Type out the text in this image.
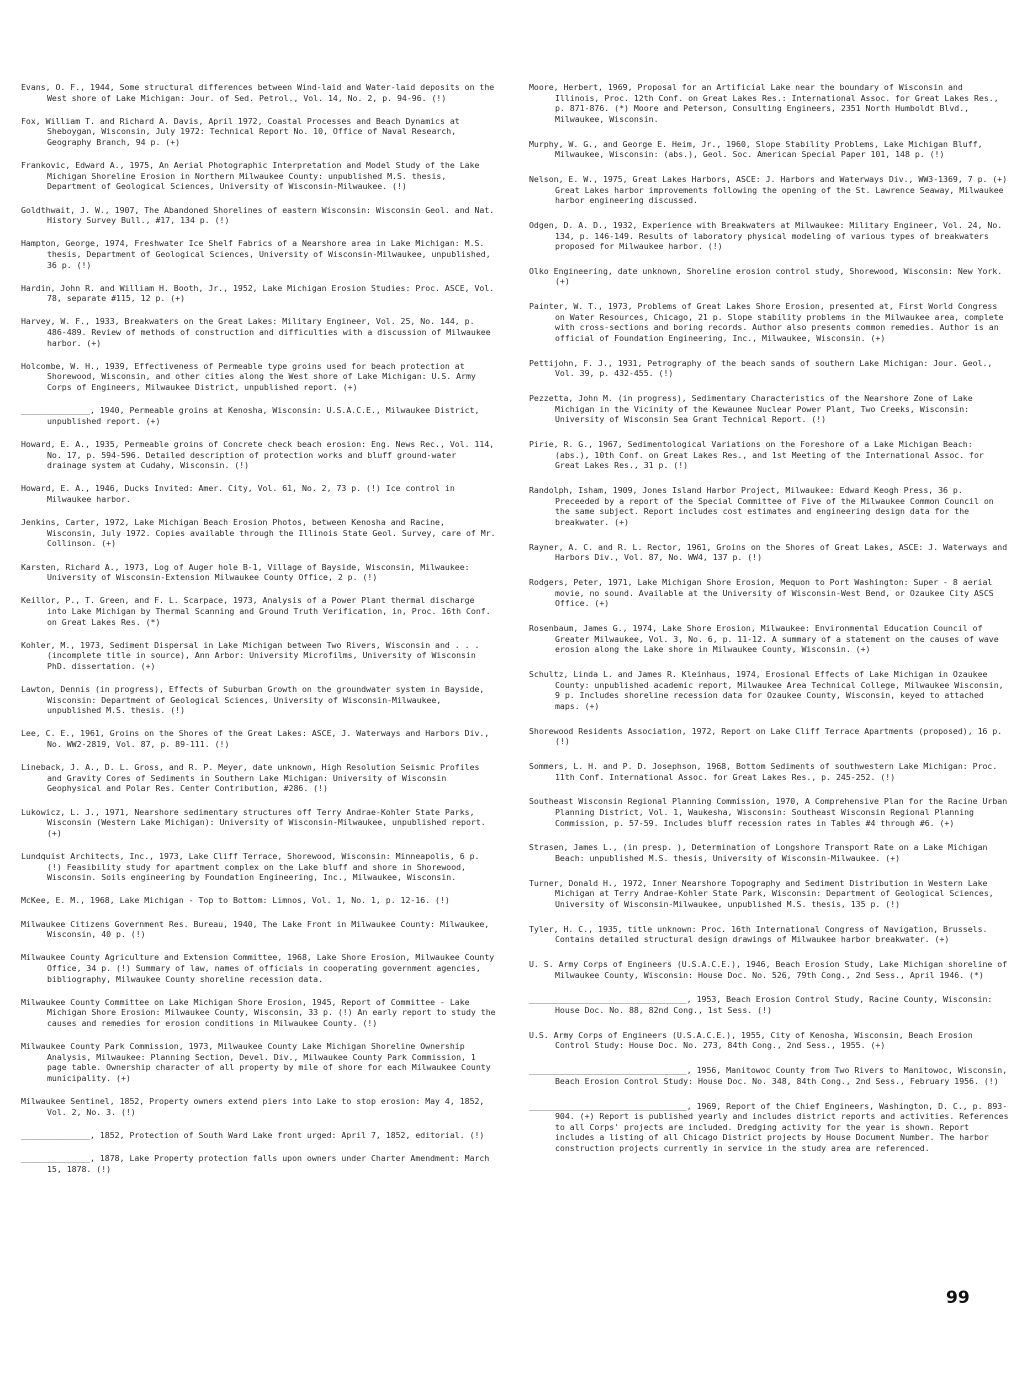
Evans, O. F., 1944, Some structural differences between Wind-laid and Water-laid deposits on the West shore of Lake Michigan: Jour. of Sed. Petrol., Vol. 14, No. 2, p. 94-96. (!)

Fox, William T. and Richard A. Davis, April 1972, Coastal Processes and Beach Dynamics at Sheboygan, Wisconsin, July 1972: Technical Report No. 10, Office of Naval Research, Geography Branch, 94 p. (+)

Frankovic, Edward A., 1975, An Aerial Photographic Interpretation and Model Study of the Lake Michigan Shoreline Erosion in Northern Milwaukee County: unpublished M.S. thesis, Department of Geological Sciences, University of Wisconsin-Milwaukee. (!)

Goldthwait, J. W., 1907, The Abandoned Shorelines of eastern Wisconsin: Wisconsin Geol. and Nat. History Survey Bull., #17, 134 p. (!)

Hampton, George, 1974, Freshwater Ice Shelf Fabrics of a Nearshore area in Lake Michigan: M.S. thesis, Department of Geological Sciences, University of Wisconsin-Milwaukee, unpublished, 36 p. (!)

Hardin, John R. and William H. Booth, Jr., 1952, Lake Michigan Erosion Studies: Proc. ASCE, Vol. 78, separate #115, 12 p. (+)

Harvey, W. F., 1933, Breakwaters on the Great Lakes: Military Engineer, Vol. 25, No. 144, p. 486-489. Review of methods of construction and difficulties with a discussion of Milwaukee harbor. (+)

Holcombe, W. H., 1939, Effectiveness of Permeable type groins used for beach protection at Shorewood, Wisconsin, and other cities along the West shore of Lake Michigan: U.S. Army Corps of Engineers, Milwaukee District, unpublished report. (+)

______________, 1940, Permeable groins at Kenosha, Wisconsin: U.S.A.C.E., Milwaukee District, unpublished report. (+)

Howard, E. A., 1935, Permeable groins of Concrete check beach erosion: Eng. News Rec., Vol. 114, No. 17, p. 594-596. Detailed description of protection works and bluff ground-water drainage system at Cudahy, Wisconsin. (!)

Howard, E. A., 1946, Ducks Invited: Amer. City, Vol. 61, No. 2, 73 p. (!) Ice control in Milwaukee harbor.

Jenkins, Carter, 1972, Lake Michigan Beach Erosion Photos, between Kenosha and Racine, Wisconsin, July 1972. Copies available through the Illinois State Geol. Survey, care of Mr. Collinson. (+)

Karsten, Richard A., 1973, Log of Auger hole B-1, Village of Bayside, Wisconsin, Milwaukee: University of Wisconsin-Extension Milwaukee County Office, 2 p. (!)

Keillor, P., T. Green, and F. L. Scarpace, 1973, Analysis of a Power Plant thermal discharge into Lake Michigan by Thermal Scanning and Ground Truth Verification, in, Proc. 16th Conf. on Great Lakes Res. (*)

Kohler, M., 1973, Sediment Dispersal in Lake Michigan between Two Rivers, Wisconsin and . . . (incomplete title in source), Ann Arbor: University Microfilms, University of Wisconsin PhD. dissertation. (+)

Lawton, Dennis (in progress), Effects of Suburban Growth on the groundwater system in Bayside, Wisconsin: Department of Geological Sciences, University of Wisconsin-Milwaukee, unpublished M.S. thesis. (!)

Lee, C. E., 1961, Groins on the Shores of the Great Lakes: ASCE, J. Waterways and Harbors Div., No. WW2-2819, Vol. 87, p. 89-111. (!)

Lineback, J. A., D. L. Gross, and R. P. Meyer, date unknown, High Resolution Seismic Profiles and Gravity Cores of Sediments in Southern Lake Michigan: University of Wisconsin Geophysical and Polar Res. Center Contribution, #286. (!)

Lukowicz, L. J., 1971, Nearshore sedimentary structures off Terry Andrae-Kohler State Parks, Wisconsin (Western Lake Michigan): University of Wisconsin-Milwaukee, unpublished report. (+)

Lundquist Architects, Inc., 1973, Lake Cliff Terrace, Shorewood, Wisconsin: Minneapolis, 6 p. (!) Feasibility study for apartment complex on the Lake bluff and shore in Shorewood, Wisconsin. Soils engineering by Foundation Engineering, Inc., Milwaukee, Wisconsin.

McKee, E. M., 1968, Lake Michigan - Top to Bottom: Limnos, Vol. 1, No. 1, p. 12-16. (!)

Milwaukee Citizens Government Res. Bureau, 1940, The Lake Front in Milwaukee County: Milwaukee, Wisconsin, 40 p. (!)

Milwaukee County Agriculture and Extension Committee, 1968, Lake Shore Erosion, Milwaukee County Office, 34 p. (!) Summary of law, names of officials in cooperating government agencies, bibliography, Milwaukee County shoreline recession data.

Milwaukee County Committee on Lake Michigan Shore Erosion, 1945, Report of Committee - Lake Michigan Shore Erosion: Milwaukee County, Wisconsin, 33 p. (!) An early report to study the causes and remedies for erosion conditions in Milwaukee County. (!)

Milwaukee County Park Commission, 1973, Milwaukee County Lake Michigan Shoreline Ownership Analysis, Milwaukee: Planning Section, Devel. Div., Milwaukee County Park Commission, 1 page table. Ownership character of all property by mile of shore for each Milwaukee County municipality. (+)

Milwaukee Sentinel, 1852, Property owners extend piers into Lake to stop erosion: May 4, 1852, Vol. 2, No. 3. (!)

______________, 1852, Protection of South Ward Lake front urged: April 7, 1852, editorial. (!)

______________, 1878, Lake Property protection falls upon owners under Charter Amendment: March 15, 1878. (!)

Moore, Herbert, 1969, Proposal for an Artificial Lake near the boundary of Wisconsin and Illinois, Proc. 12th Conf. on Great Lakes Res.: International Assoc. for Great Lakes Res., p. 871-876. (*) Moore and Peterson, Consulting Engineers, 2351 North Humboldt Blvd., Milwaukee, Wisconsin.

Murphy, W. G., and George E. Heim, Jr., 1960, Slope Stability Problems, Lake Michigan Bluff, Milwaukee, Wisconsin: (abs.), Geol. Soc. American Special Paper 101, 148 p. (!)

Nelson, E. W., 1975, Great Lakes Harbors, ASCE: J. Harbors and Waterways Div., WW3-1369, 7 p. (+) Great Lakes harbor improvements following the opening of the St. Lawrence Seaway, Milwaukee harbor engineering discussed.

Odgen, D. A. D., 1932, Experience with Breakwaters at Milwaukee: Military Engineer, Vol. 24, No. 134, p. 146-149. Results of laboratory physical modeling of various types of breakwaters proposed for Milwaukee harbor. (!)

Olko Engineering, date unknown, Shoreline erosion control study, Shorewood, Wisconsin: New York. (+)

Painter, W. T., 1973, Problems of Great Lakes Shore Erosion, presented at, First World Congress on Water Resources, Chicago, 21 p. Slope stability problems in the Milwaukee area, complete with cross-sections and boring records. Author also presents common remedies. Author is an official of Foundation Engineering, Inc., Milwaukee, Wisconsin. (+)

Pettijohn, F. J., 1931, Petrography of the beach sands of southern Lake Michigan: Jour. Geol., Vol. 39, p. 432-455. (!)

Pezzetta, John M. (in progress), Sedimentary Characteristics of the Nearshore Zone of Lake Michigan in the Vicinity of the Kewaunee Nuclear Power Plant, Two Creeks, Wisconsin: University of Wisconsin Sea Grant Technical Report. (!)

Pirie, R. G., 1967, Sedimentological Variations on the Foreshore of a Lake Michigan Beach: (abs.), 10th Conf. on Great Lakes Res., and 1st Meeting of the International Assoc. for Great Lakes Res., 31 p. (!)

Randolph, Isham, 1909, Jones Island Harbor Project, Milwaukee: Edward Keogh Press, 36 p. Preceeded by a report of the Special Committee of Five of the Milwaukee Common Council on the same subject. Report includes cost estimates and engineering design data for the breakwater. (+)

Rayner, A. C. and R. L. Rector, 1961, Groins on the Shores of Great Lakes, ASCE: J. Waterways and Harbors Div., Vol. 87, No. WW4, 137 p. (!)

Rodgers, Peter, 1971, Lake Michigan Shore Erosion, Mequon to Port Washington: Super - 8 aerial movie, no sound. Available at the University of Wisconsin-West Bend, or Ozaukee City ASCS Office. (+)

Rosenbaum, James G., 1974, Lake Shore Erosion, Milwaukee: Environmental Education Council of Greater Milwaukee, Vol. 3, No. 6, p. 11-12. A summary of a statement on the causes of wave erosion along the Lake shore in Milwaukee County, Wisconsin. (+)

Schultz, Linda L. and James R. Kleinhaus, 1974, Erosional Effects of Lake Michigan in Ozaukee County: unpublished academic report, Milwaukee Area Technical College, Milwaukee Wisconsin, 9 p. Includes shoreline recession data for Ozaukee County, Wisconsin, keyed to attached maps. (+)

Shorewood Residents Association, 1972, Report on Lake Cliff Terrace Apartments (proposed), 16 p. (!)

Sommers, L. H. and P. D. Josephson, 1968, Bottom Sediments of southwestern Lake Michigan: Proc. 11th Conf. International Assoc. for Great Lakes Res., p. 245-252. (!)

Southeast Wisconsin Regional Planning Commission, 1970, A Comprehensive Plan for the Racine Urban Planning District, Vol. 1, Waukesha, Wisconsin: Southeast Wisconsin Regional Planning Commission, p. 57-59. Includes bluff recession rates in Tables #4 through #6. (+)

Strasen, James L., (in presp. ), Determination of Longshore Transport Rate on a Lake Michigan Beach: unpublished M.S. thesis, University of Wisconsin-Milwaukee. (+)

Turner, Donald H., 1972, Inner Nearshore Topography and Sediment Distribution in Western Lake Michigan at Terry Andrae-Kohler State Park, Wisconsin: Department of Geological Sciences, University of Wisconsin-Milwaukee, unpublished M.S. thesis, 135 p. (!)

Tyler, H. C., 1935, title unknown: Proc. 16th International Congress of Navigation, Brussels. Contains detailed structural design drawings of Milwaukee harbor breakwater. (+)

U. S. Army Corps of Engineers (U.S.A.C.E.), 1946, Beach Erosion Study, Lake Michigan shoreline of Milwaukee County, Wisconsin: House Doc. No. 526, 79th Cong., 2nd Sess., April 1946. (*)

________________________________, 1953, Beach Erosion Control Study, Racine County, Wisconsin: House Doc. No. 88, 82nd Cong., 1st Sess. (!)

U.S. Army Corps of Engineers (U.S.A.C.E.), 1955, City of Kenosha, Wisconsin, Beach Erosion Control Study: House Doc. No. 273, 84th Cong., 2nd Sess., 1955. (+)

________________________________, 1956, Manitowoc County from Two Rivers to Manitowoc, Wisconsin, Beach Erosion Control Study: House Doc. No. 348, 84th Cong., 2nd Sess., February 1956. (!)

________________________________, 1969, Report of the Chief Engineers, Washington, D. C., p. 893-904. (+) Report is published yearly and includes district reports and activities. References to all Corps' projects are included. Dredging activity for the year is shown. Report includes a listing of all Chicago District projects by House Document Number. The harbor construction projects currently in service in the study area are referenced.

99
